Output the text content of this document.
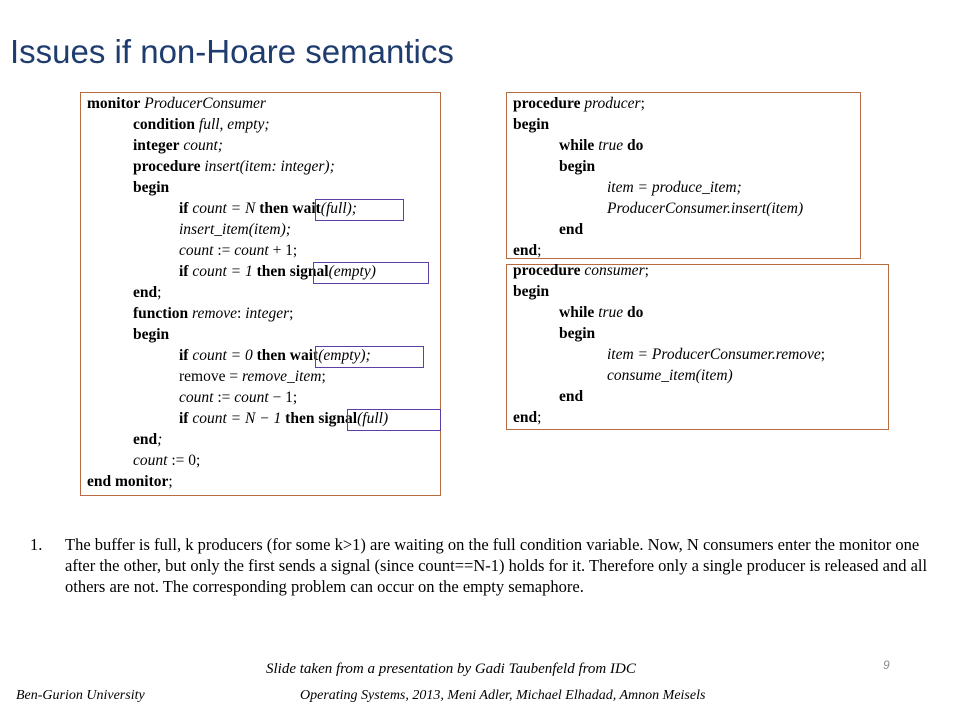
Issues if non-Hoare semantics
monitor ProducerConsumer
condition full, empty;
integer count;
procedure insert(item: integer);
begin
if count = N then wait(full);
insert_item(item);
count := count + 1;
if count = 1 then signal(empty)
end;
function remove: integer;
begin
if count = 0 then wait(empty);
remove = remove_item;
count := count − 1;
if count = N − 1 then signal(full)
end;
count := 0;
end monitor;
procedure producer;
begin
while true do
begin
item = produce_item;
ProducerConsumer.insert(item)
end
end;
procedure consumer;
begin
while true do
begin
item = ProducerConsumer.remove;
consume_item(item)
end
end;
1. The buffer is full, k producers (for some k>1) are waiting on the full condition variable. Now, N consumers enter the monitor one after the other, but only the first sends a signal (since count==N-1) holds for it. Therefore only a single producer is released and all others are not. The corresponding problem can occur on the empty semaphore.
Slide taken from a presentation by Gadi Taubenfeld from IDC	9
Ben-Gurion University	Operating Systems, 2013, Meni Adler, Michael Elhadad, Amnon Meisels
